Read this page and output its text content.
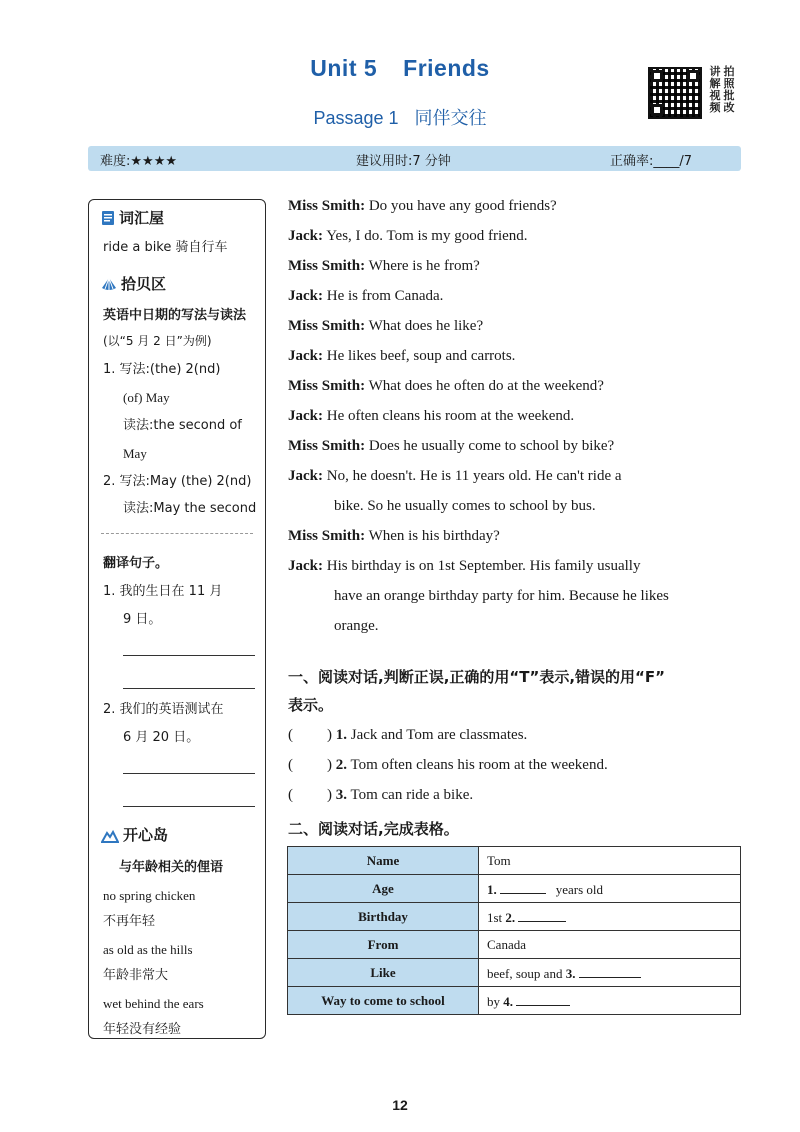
Unit 5 Friends
Passage 1 同伴交往
讲 拍
解 照
视 批
频 改
难度:★★★★	建议用时:7 分钟	正确率:____/7
词汇屋
ride a bike 骑自行车
拾贝区
英语中日期的写法与读法
(以“5 月 2 日”为例)
1. 写法:(the) 2(nd)
(of) May
读法:the second of
May
2. 写法:May (the) 2(nd)
读法:May the second
翻译句子。
1. 我的生日在 11 月
9 日。
2. 我们的英语测试在
6 月 20 日。
开心岛
与年龄相关的俚语
no spring chicken
不再年轻
as old as the hills
年龄非常大
wet behind the ears
年轻没有经验
Miss Smith: Do you have any good friends?
Jack: Yes, I do. Tom is my good friend.
Miss Smith: Where is he from?
Jack: He is from Canada.
Miss Smith: What does he like?
Jack: He likes beef, soup and carrots.
Miss Smith: What does he often do at the weekend?
Jack: He often cleans his room at the weekend.
Miss Smith: Does he usually come to school by bike?
Jack: No, he doesn't. He is 11 years old. He can't ride a
bike. So he usually comes to school by bus.
Miss Smith: When is his birthday?
Jack: His birthday is on 1st September. His family usually
have an orange birthday party for him. Because he likes
orange.
一、阅读对话,判断正误,正确的用“T”表示,错误的用“F”
表示。
( ) 1. Jack and Tom are classmates.
( ) 2. Tom often cleans his room at the weekend.
( ) 3. Tom can ride a bike.
二、阅读对话,完成表格。
Name	Tom
Age	1. years old
Birthday	1st 2.
From	Canada
Like	beef, soup and 3.
Way to come to school	by 4.
12
